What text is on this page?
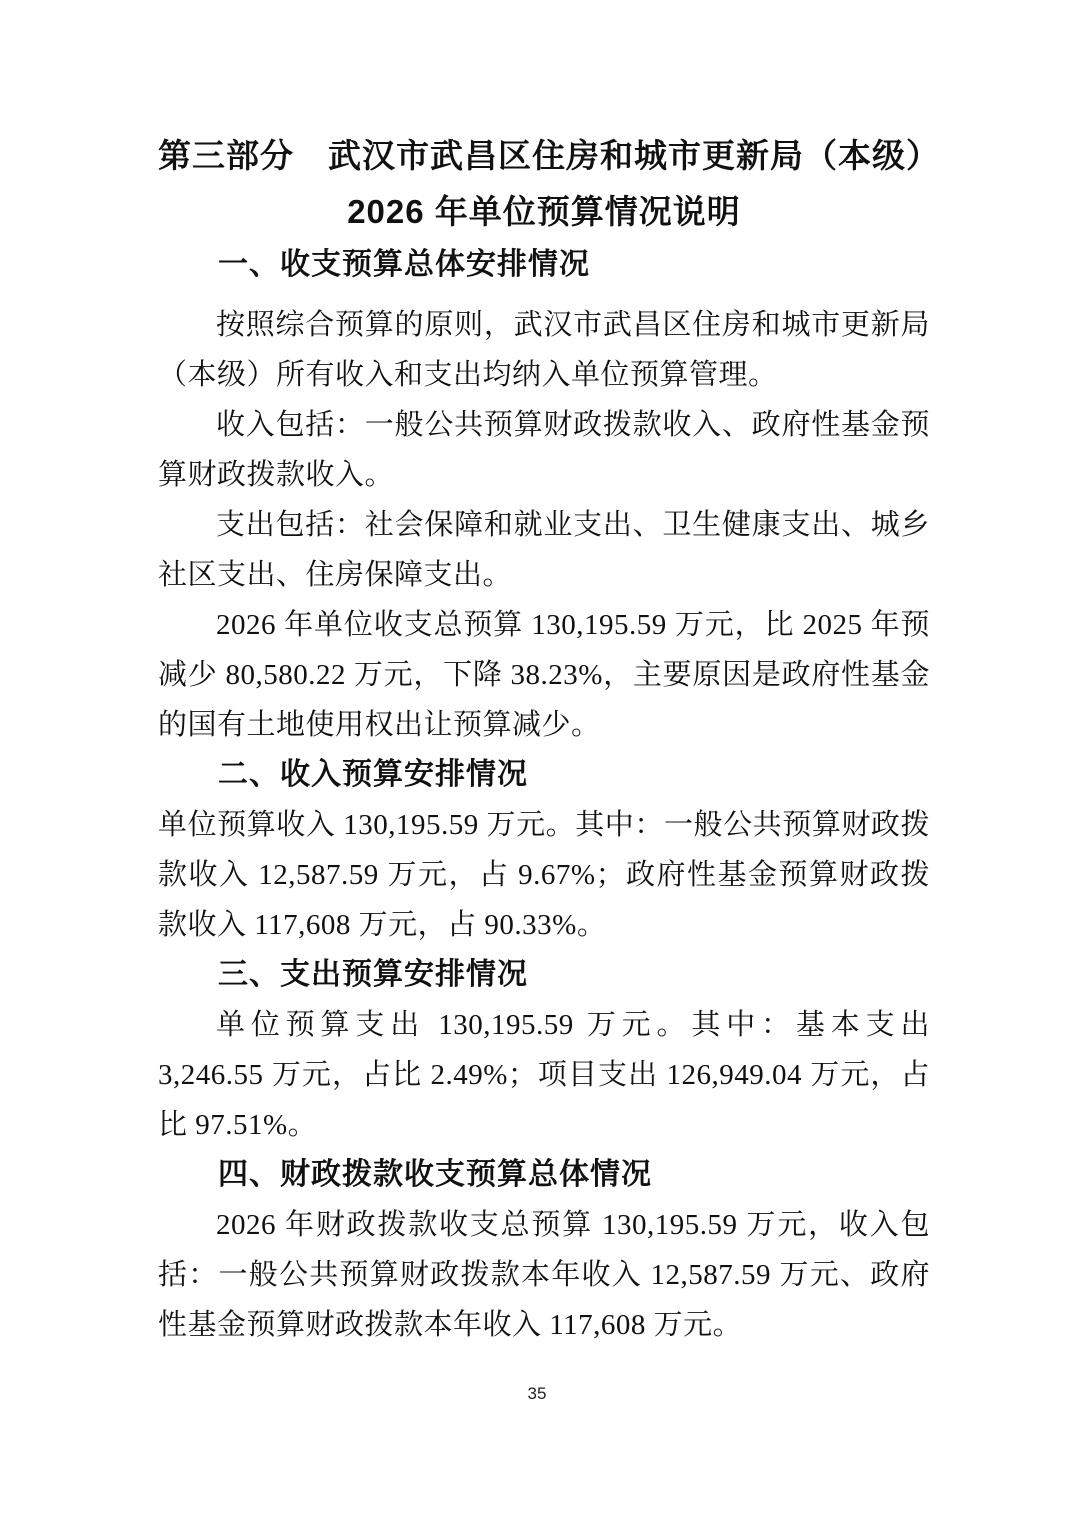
第三部分　武汉市武昌区住房和城市更新局（本级）
2026 年单位预算情况说明
一、收支预算总体安排情况

按照综合预算的原则，武汉市武昌区住房和城市更新局（本级）所有收入和支出均纳入单位预算管理。

收入包括：一般公共预算财政拨款收入、政府性基金预算财政拨款收入。

支出包括：社会保障和就业支出、卫生健康支出、城乡社区支出、住房保障支出。

2026 年单位收支总预算 130,195.59 万元，比 2025 年预减少 80,580.22 万元，下降 38.23%，主要原因是政府性基金的国有土地使用权出让预算减少。

二、收入预算安排情况

单位预算收入 130,195.59 万元。其中：一般公共预算财政拨款收入 12,587.59 万元，占 9.67%；政府性基金预算财政拨款收入 117,608 万元，占 90.33%。

三、支出预算安排情况

单位预算支出 130,195.59 万元。其中：基本支出 3,246.55 万元，占比 2.49%；项目支出 126,949.04 万元，占比 97.51%。

四、财政拨款收支预算总体情况

2026 年财政拨款收支总预算 130,195.59 万元，收入包括：一般公共预算财政拨款本年收入 12,587.59 万元、政府性基金预算财政拨款本年收入 117,608 万元。

35
